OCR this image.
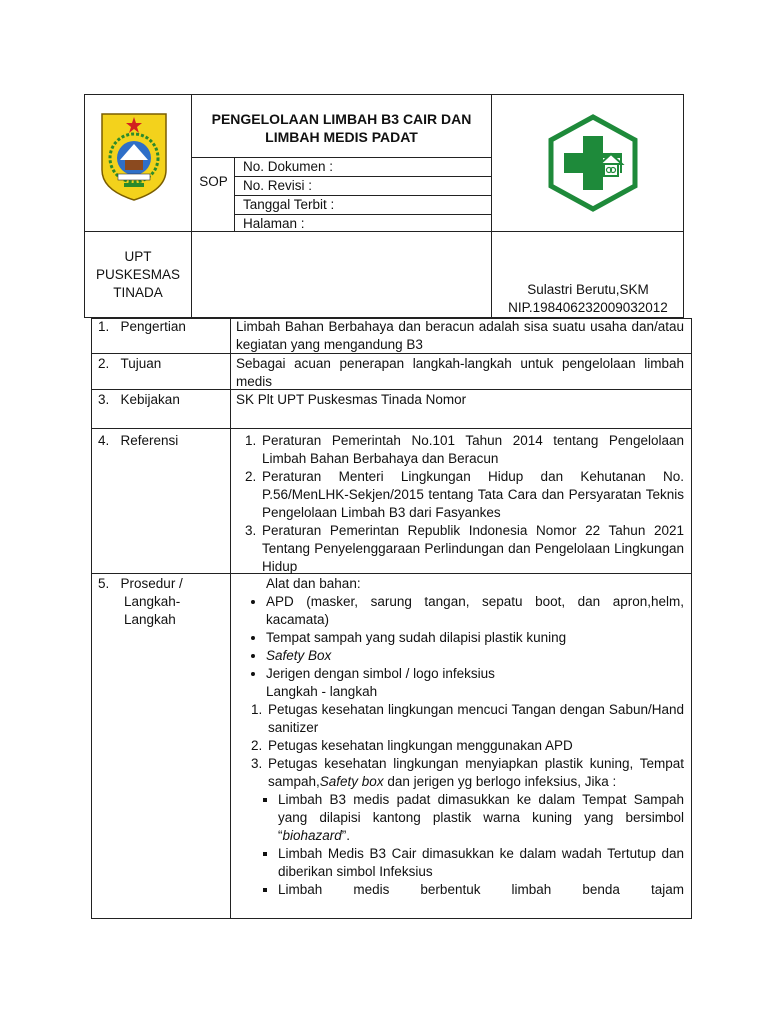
PENGELOLAAN LIMBAH B3 CAIR DAN
LIMBAH MEDIS PADAT
SOP
No. Dokumen :
No. Revisi :
Tanggal Terbit :
Halaman :
UPT
PUSKESMAS
TINADA	Sulastri Berutu,SKM
NIP.198406232009032012
1. Pengertian	Limbah Bahan Berbahaya dan beracun adalah sisa suatu usaha dan/atau kegiatan yang mengandung B3
2. Tujuan	Sebagai acuan penerapan langkah-langkah untuk pengelolaan limbah medis
3. Kebijakan	SK Plt UPT Puskesmas Tinada Nomor
4. Referensi
1.	Peraturan Pemerintah No.101 Tahun 2014 tentang Pengelolaan Limbah Bahan Berbahaya dan Beracun
2. Peraturan Menteri Lingkungan Hidup dan Kehutanan No. P.56/MenLHK-Sekjen/2015 tentang Tata Cara dan Persyaratan Teknis Pengelolaan Limbah B3 dari Fasyankes
3. Peraturan Pemerintan Republik Indonesia Nomor 22 Tahun 2021 Tentang Penyelenggaraan Perlindungan dan Pengelolaan Lingkungan Hidup
5. Prosedur /
Langkah-
Langkah
Alat dan bahan:
• APD (masker, sarung tangan, sepatu boot, dan apron,helm, kacamata)
• Tempat sampah yang sudah dilapisi plastik kuning
• Safety Box
• Jerigen dengan simbol / logo infeksius
Langkah - langkah
1. Petugas kesehatan lingkungan mencuci Tangan dengan Sabun/Hand sanitizer
2. Petugas kesehatan lingkungan menggunakan APD
3. Petugas kesehatan lingkungan menyiapkan plastik kuning, Tempat sampah,Safety box dan jerigen yg berlogo infeksius, Jika :
▪ Limbah B3 medis padat dimasukkan ke dalam Tempat Sampah yang dilapisi kantong plastik warna kuning yang bersimbol “biohazard”.
▪ Limbah Medis B3 Cair dimasukkan ke dalam wadah Tertutup dan diberikan simbol Infeksius
▪ Limbah medis berbentuk limbah benda tajam
